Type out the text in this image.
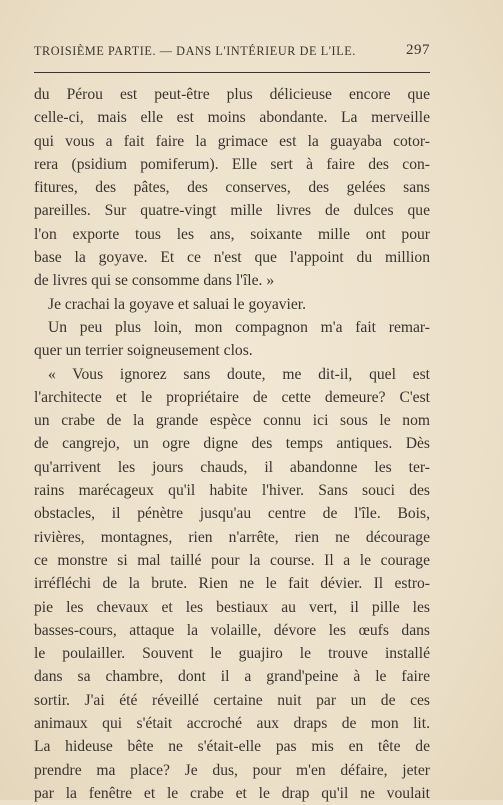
TROISIÈME PARTIE. — DANS L'INTÉRIEUR DE L'ILE.	297
du Pérou est peut-être plus délicieuse encore que
celle-ci, mais elle est moins abondante. La merveille
qui vous a fait faire la grimace est la guayaba cotor-
rera (psidium pomiferum). Elle sert à faire des con-
fitures, des pâtes, des conserves, des gelées sans
pareilles. Sur quatre-vingt mille livres de dulces que
l'on exporte tous les ans, soixante mille ont pour
base la goyave. Et ce n'est que l'appoint du million
de livres qui se consomme dans l'île. »
Je crachai la goyave et saluai le goyavier.
Un peu plus loin, mon compagnon m'a fait remar-
quer un terrier soigneusement clos.
« Vous ignorez sans doute, me dit-il, quel est
l'architecte et le propriétaire de cette demeure? C'est
un crabe de la grande espèce connu ici sous le nom
de cangrejo, un ogre digne des temps antiques. Dès
qu'arrivent les jours chauds, il abandonne les ter-
rains marécageux qu'il habite l'hiver. Sans souci des
obstacles, il pénètre jusqu'au centre de l'île. Bois,
rivières, montagnes, rien n'arrête, rien ne décourage
ce monstre si mal taillé pour la course. Il a le courage
irréfléchi de la brute. Rien ne le fait dévier. Il estro-
pie les chevaux et les bestiaux au vert, il pille les
basses-cours, attaque la volaille, dévore les œufs dans
le poulailler. Souvent le guajiro le trouve installé
dans sa chambre, dont il a grand'peine à le faire
sortir. J'ai été réveillé certaine nuit par un de ces
animaux qui s'était accroché aux draps de mon lit.
La hideuse bête ne s'était-elle pas mis en tête de
prendre ma place? Je dus, pour m'en défaire, jeter
par la fenêtre et le crabe et le drap qu'il ne voulait
